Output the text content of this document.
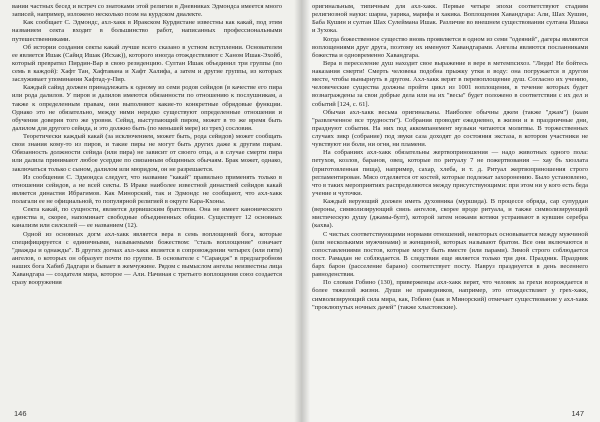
вании частных бесед и встреч со знатоками этой религии в Дневниках Эдмондса имеется много записей, например, изложено несколько поэм на курдском диалекте.

Как сообщает С. Эдмондс, ахл-хакк в Иракском Курдистане известны как какай, под этим названием секта входит в большинство работ, написанных профессиональными путешественниками.

Об истории создания секты какай лучше всего сказано в устном вступлении. Основателем ее является Ишак (Сайид Ишак (Исхак)), которого иногда отождествляют с Ханом Ишак-Эхойб, который превратил Пирдин-Вар в свою резиденцию. Султан Ишак объединил три группы (по семь в каждой): Хафт Тан, Хафтавана и Хафт Халифа, а затем и другие группы, из которых заслуживает упоминания Хафтад-у-Пир.

Каждый сайид должен принадлежать к одному из семи родов сейидов (в качестве его пира или рода далилов. У пиров и далилов имеются обязанности по отношению к послушникам, а также к определенным правам, они выполняют какие-то конкретные обрядовые функции. Однако это не обязательно, между ними нередко существуют определенные отношения и обучения доверия того же уровня. Сейид, выступающий пиром, может в то же время быть далилом для другого сейида, и это должно быть (по меньшей мере) из трех) сословия.

Теоретически каждый какай (за исключением, может быть, рода сейидов) может сообщать свои знания кому-то из пиров, и такие пиры не могут быть других даже к другим пирам. Обязанность должности сейида (или пира) не зависит от своего отца, а в случае смерти пира или далила принимают любое усердие по связанным общинных обычаям. Брак может, однако, заключаться только с сыном, далилом или мюридом, он не разрешается.

Из сообщения С. Эдмондса следует, что название "какай" правильно применять только в отношении сейидов, а не всей секты. В Ираке наиболее известной династией сейидов какай является династия Ибрагимов. Как Минорский, так и Эдмондс не сообщают, что ахл-хакк полагали ее не официальной, то популярной религией в округе Кара-Кхоны.

Секта какай, по сущности, является дервишским братством. Она не имеет канонического единства в, скорее, напоминает свободные объединенных общин. Существует 12 основных канализм или силсилей — ее названием (12).

Одной из основных догм ахл-хакк является вера в семь воплощений бога, которые специфицируется с единичными, называемыми божеством: "сталь воплощение" означает "дважды и однажды". В других догмах ахл-хакк является в сопровождении четырех (или пяти) ангелов, о которых он образует почти по группе. В основателе с "Сарандж" в предзагробном наших бога Хабиб Дадгари и бывает в жемчужине. Рядом с вымыслом ангелы неизвестны лица Хавандгара — создателя мира, которое — Али. Начиная с третьего воплощения союз создается сразу вооружения

146

оригинальным, типичным для ахл-хакк. Первые четыре эпохи соответствуют стадиям религиозной науки: шариа, уарика, марифа и хакика. Воплощения Хавандгара: Али, Шах Хушин, Баба Кушин и султан Шах Сулеймана Ишак. Различие во внешнем существовании султана Ишака и Зухока.

Когда божественное существо вновь проявляется в одном из семи "одеяний", дагеры являются воплощениями друг друга, поэтому их именуют Хавандгарами. Ангелы являются посланниками божества и одновременно Хавандгара.

Вера в переселение душ находит свое выражение в вере в метемпсихоз. "Люди! Не бойтесь наказания смерти! Смерть человека подобна прыжку утки в воду: она погружается в другом месте, чтобы вынырнуть в другом. Ахл-хакк верят в перевоплощение душ. Согласно их учению, человеческие существа должны пройти цикл из 1001 воплощения, в течение которых будет вознаграждены за свои добрые дела или на их "весы" будет положено в соответствии с их дел и событий [124, с. 61].

Обычаи ахл-хакк весьма оригинальны. Наиболее обычны джем (также "джам") (каам "развлеченное все трудности"). Собрания проводят ежедневно, в жизни и в праздничные дни, празднуют события. На них под аккомпанемент музыки читаются молитвы. В торжественных случаях зикр (собрание) под звуки саза доходят до состояния экстаза, в котором участники не чувствуют ни боли, ни огня, ни пламени.

На собраниях ахл-хакк обязательны жертвоприношения — надо животных одного пола: петухов, козлов, баранов, овец, которые по ритуалу 7 не пожертвования — хау бъ хюзлата (приготовленная пища), например, сахар, хлеба, и т. д. Ритуал жертвоприношения строго регламентирован. Мясо отделяется от костей, которые подлежат захоронению. Было установлено, что в таких мероприятиях распределяются между присутствующими: при этом ни у кого есть беда учение и чуточки.

Каждый верующий должен иметь духовника (муршида). В процессе обряда, сар супурдан (вероны, символизирующий связь ангелов, скорее вроде ритуала, и также символизирующий мистическую душу (джамы-булт), которой затем ножами котики устраивают в кувшин серебра (кахва).

С чистых соответствующими нормами отношений, некоторых основывается между мужчиной (или несколькими мужчинами) и женщиной, которых называют братом. Все они включаются в сопоставлениями постов, которые могут быть вместе (или парами). Зимой строго соблюдается пост. Рамадан не соблюдается. В следствии еще является только три дня. Праздник. Праздник барх барон (расселение барано) соответствует посту. Навруз празднуется в день весеннего равноденствия.

По словам Гобино (130), приверженцы ахл-хакк верят, что человек за грехи возрождается в более тяжелой жизни. Души не праведников, например, это отождествляет у грех-хакк, символизирующий сила мира, как, Гобино (как и Минорский) отмечает существование у ахл-хакк "проклюпутых ночных дачей" (также хлыстовские).

147
